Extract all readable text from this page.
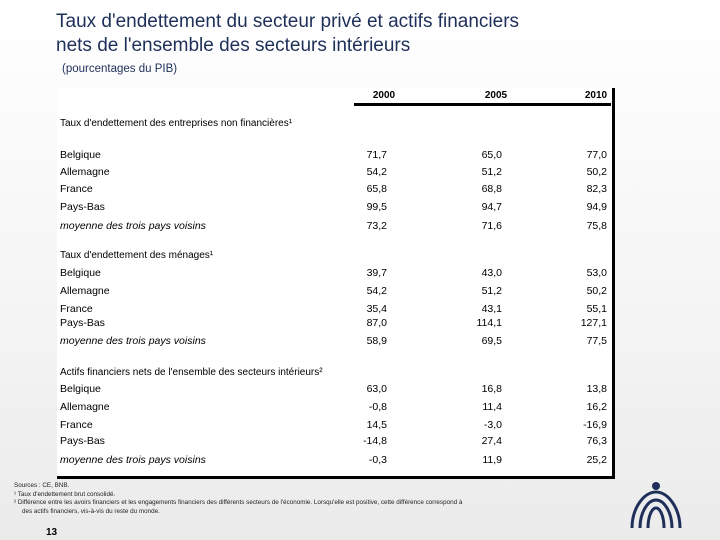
Taux d'endettement du secteur privé et actifs financiers
nets de l'ensemble des secteurs intérieurs
(pourcentages du PIB)
2000	2005	2010
Taux d'endettement des entreprises non financières¹
Belgique	71,7	65,0	77,0
Allemagne	54,2	51,2	50,2
France	65,8	68,8	82,3
Pays-Bas	99,5	94,7	94,9
moyenne des trois pays voisins	73,2	71,6	75,8
Taux d'endettement des ménages¹
Belgique	39,7	43,0	53,0
Allemagne	54,2	51,2	50,2
France	35,4	43,1	55,1
Pays-Bas	87,0	114,1	127,1
moyenne des trois pays voisins	58,9	69,5	77,5
Actifs financiers nets de l'ensemble des secteurs intérieurs²
Belgique	63,0	16,8	13,8
Allemagne	-0,8	11,4	16,2
France	14,5	-3,0	-16,9
Pays-Bas	-14,8	27,4	76,3
moyenne des trois pays voisins	-0,3	11,9	25,2
Sources : CE, BNB.
¹ Taux d'endettement brut consolidé.
² Différence entre les avoirs financiers et les engagements financiers des différents secteurs de l'économie. Lorsqu'elle est positive, cette différence correspond à
des actifs financiers, vis-à-vis du reste du monde.
13
